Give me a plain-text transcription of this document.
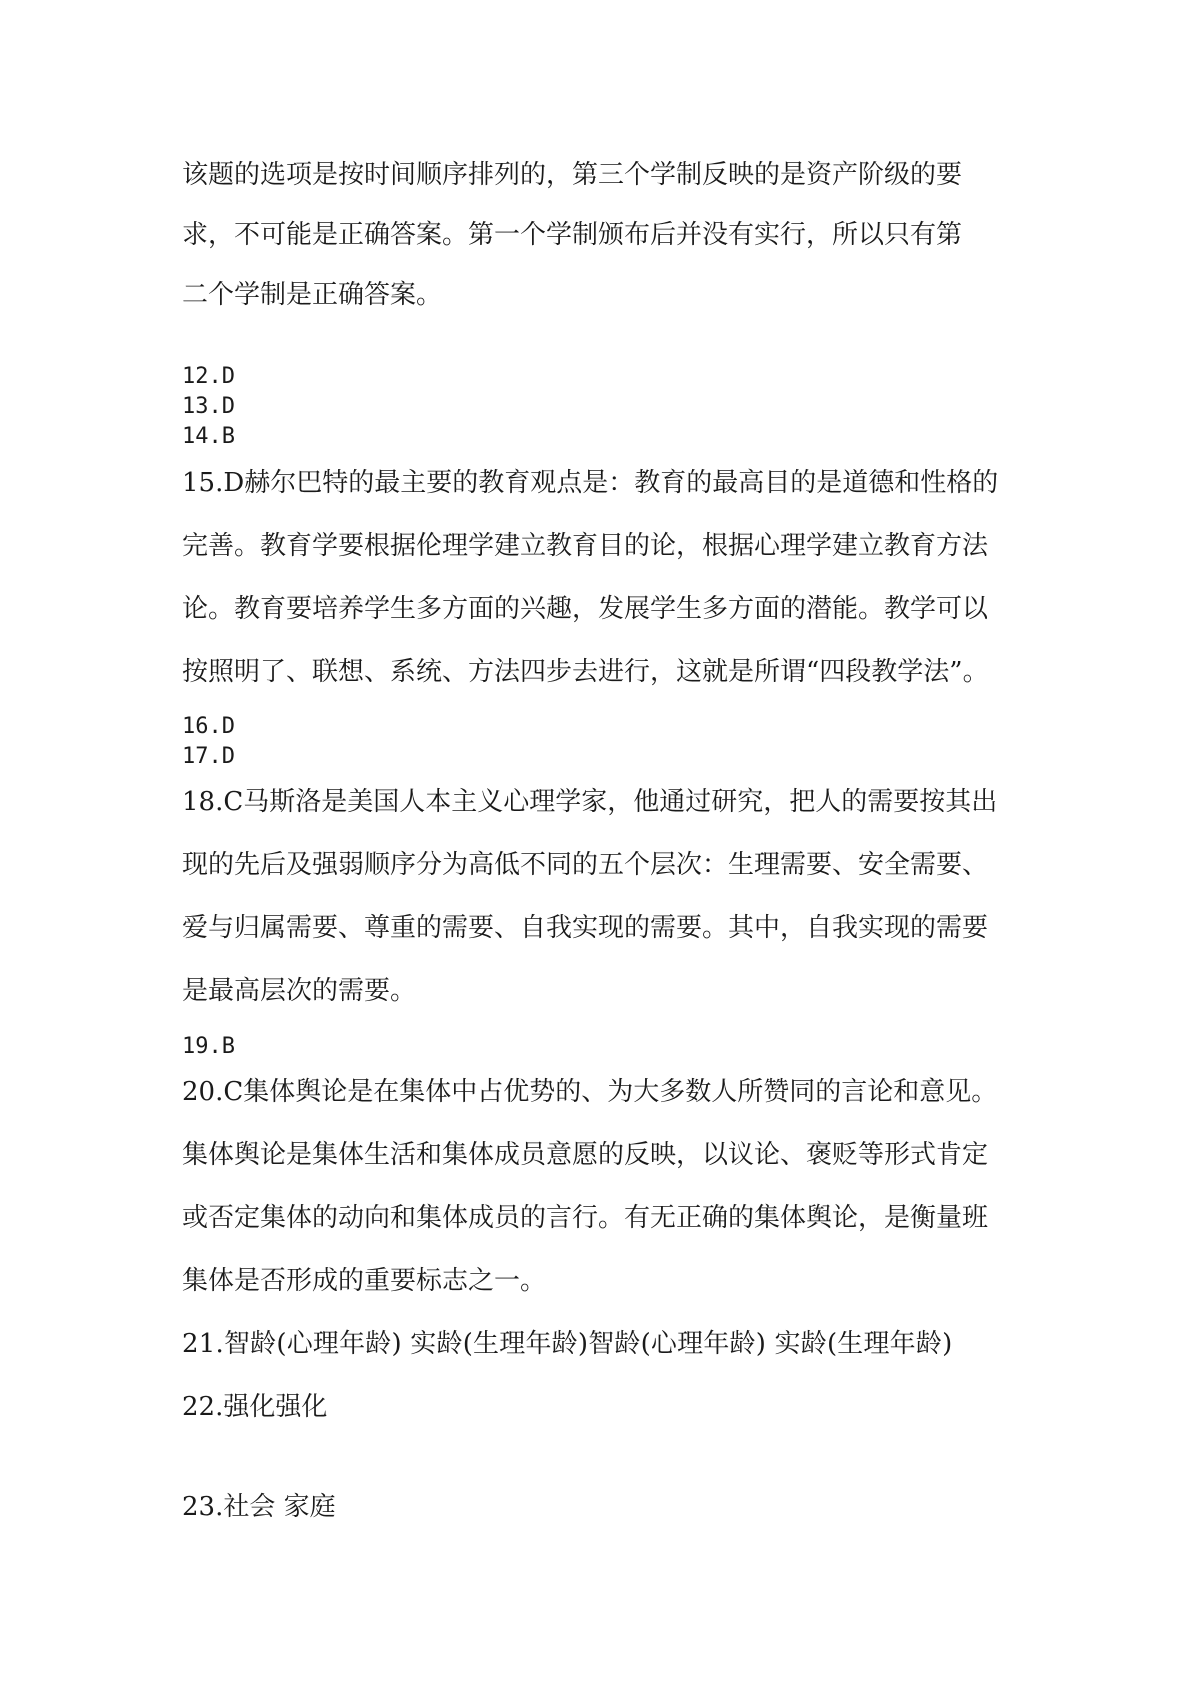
该题的选项是按时间顺序排列的，第三个学制反映的是资产阶级的要
求，不可能是正确答案。第一个学制颁布后并没有实行，所以只有第
二个学制是正确答案。
12.D
13.D
14.B
15.D赫尔巴特的最主要的教育观点是：教育的最高目的是道德和性格的
完善。教育学要根据伦理学建立教育目的论，根据心理学建立教育方法
论。教育要培养学生多方面的兴趣，发展学生多方面的潜能。教学可以
按照明了、联想、系统、方法四步去进行，这就是所谓“四段教学法”。
16.D
17.D
18.C马斯洛是美国人本主义心理学家，他通过研究，把人的需要按其出
现的先后及强弱顺序分为高低不同的五个层次：生理需要、安全需要、
爱与归属需要、尊重的需要、自我实现的需要。其中，自我实现的需要
是最高层次的需要。
19.B
20.C集体舆论是在集体中占优势的、为大多数人所赞同的言论和意见。
集体舆论是集体生活和集体成员意愿的反映，以议论、褒贬等形式肯定
或否定集体的动向和集体成员的言行。有无正确的集体舆论，是衡量班
集体是否形成的重要标志之一。
21.智龄(心理年龄) 实龄(生理年龄)智龄(心理年龄) 实龄(生理年龄)
22.强化强化
23.社会 家庭
